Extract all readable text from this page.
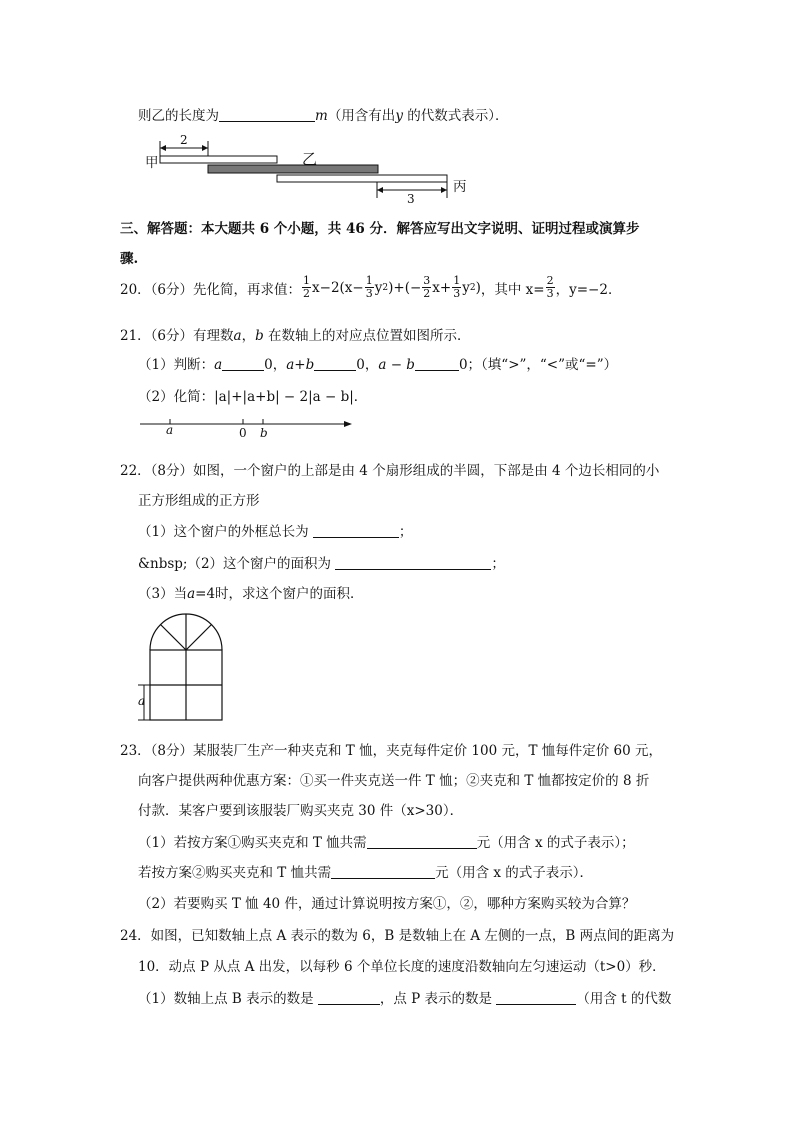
则乙的长度为	m（用含有出y 的代数式表示）．
甲	乙
丙
2
3
三、解答题：本大题共 6 个小题，共 46 分．解答应写出文字说明、证明过程或演算步
骤.
20．（6分）先化简，再求值： $\frac{1}{2} x-2(x- \frac{1}{3}$ y 2 )+(− $\frac{3}{2} x+ \frac{1}{3}$ y 2 ) ，其中 $x= \frac{2}{3}$ ，y=−2．
21．（6分）有理数a，b 在数轴上的对应点位置如图所示．
（1）判断：a	0，a+b	0，a − b	0；（填“>”，“<”或“=”）
（2）化简：|a|+|a+b| − 2|a − b|．
a	0 b
22．（8分）如图，一个窗户的上部是由 4 个扇形组成的半圆，下部是由 4 个边长相同的小
正方形组成的正方形
（1）这个窗户的外框总长为	；
&nbsp;（2）这个窗户的面积为	；
（3）当a=4时，求这个窗户的面积．
a
23．（8分）某服装厂生产一种夹克和 T 恤，夹克每件定价 100 元，T 恤每件定价 60 元，
向客户提供两种优惠方案：①买一件夹克送一件 T 恤；②夹克和 T 恤都按定价的 8 折
付款．某客户要到该服装厂购买夹克 30 件（x>30）．
（1）若按方案①购买夹克和 T 恤共需	元（用含 x 的式子表示）；
若按方案②购买夹克和 T 恤共需	元（用含 x 的式子表示）．
（2）若要购买 T 恤 40 件，通过计算说明按方案①，②，哪种方案购买较为合算？
24．如图，已知数轴上点 A 表示的数为 6，B 是数轴上在 A 左侧的一点，B 两点间的距离为
10．动点 P 从点 A 出发，以每秒 6 个单位长度的速度沿数轴向左匀速运动（t>0）秒．
（1）数轴上点 B 表示的数是	，点 P 表示的数是	（用含 t 的代数
